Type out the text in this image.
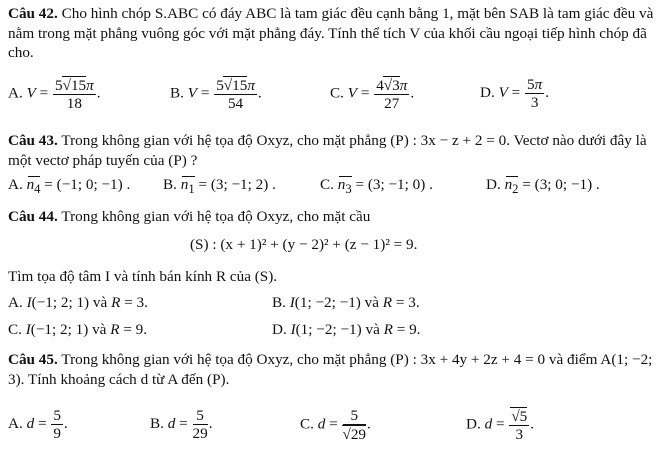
Câu 42. Cho hình chóp S.ABC có đáy ABC là tam giác đều cạnh bằng 1, mặt bên SAB là tam giác đều và nằm trong mặt phẳng vuông góc với mặt phẳng đáy. Tính thể tích V của khối cầu ngoại tiếp hình chóp đã cho.
A. $V = \frac{5√15\pi}{18}$ .	B. $V = \frac{5√15\pi}{54}$ .	C. $V = \frac{4√3\pi}{27}$ .	D. $V = \frac{5\pi}{3}$ .
Câu 43. Trong không gian với hệ tọa độ Oxyz, cho mặt phẳng (P) : 3x − z + 2 = 0. Vectơ nào dưới đây là một vectơ pháp tuyến của (P) ?
A. $n_4 = (-1$; 0; −1) . B. $n_1 = (3$; −1; 2) .	C. $n_3 = (3$; −1; 0) .	D. $n_2 = (3$; 0; −1) .
Câu 44. Trong không gian với hệ tọa độ Oxyz, cho mặt cầu
(S) : (x + 1)² + (y − 2)² + (z − 1)² = 9.
Tìm tọa độ tâm I và tính bán kính R của (S).
A. I(−1; 2; 1) và R = 3.	B. I(1; −2; −1) và R = 3.
C. I(−1; 2; 1) và R = 9.	D. I(1; −2; −1) và R = 9.
Câu 45. Trong không gian với hệ tọa độ Oxyz, cho mặt phẳng (P) : 3x + 4y + 2z + 4 = 0 và điểm A(1; −2; 3). Tính khoảng cách d từ A đến (P).
A. $d = \frac{5}{9}$ .	B. $d = \frac{5}{29}$ .	C. $d = \frac{5}{√29}$ .	D. $d = \frac{√5}{3}$ .
